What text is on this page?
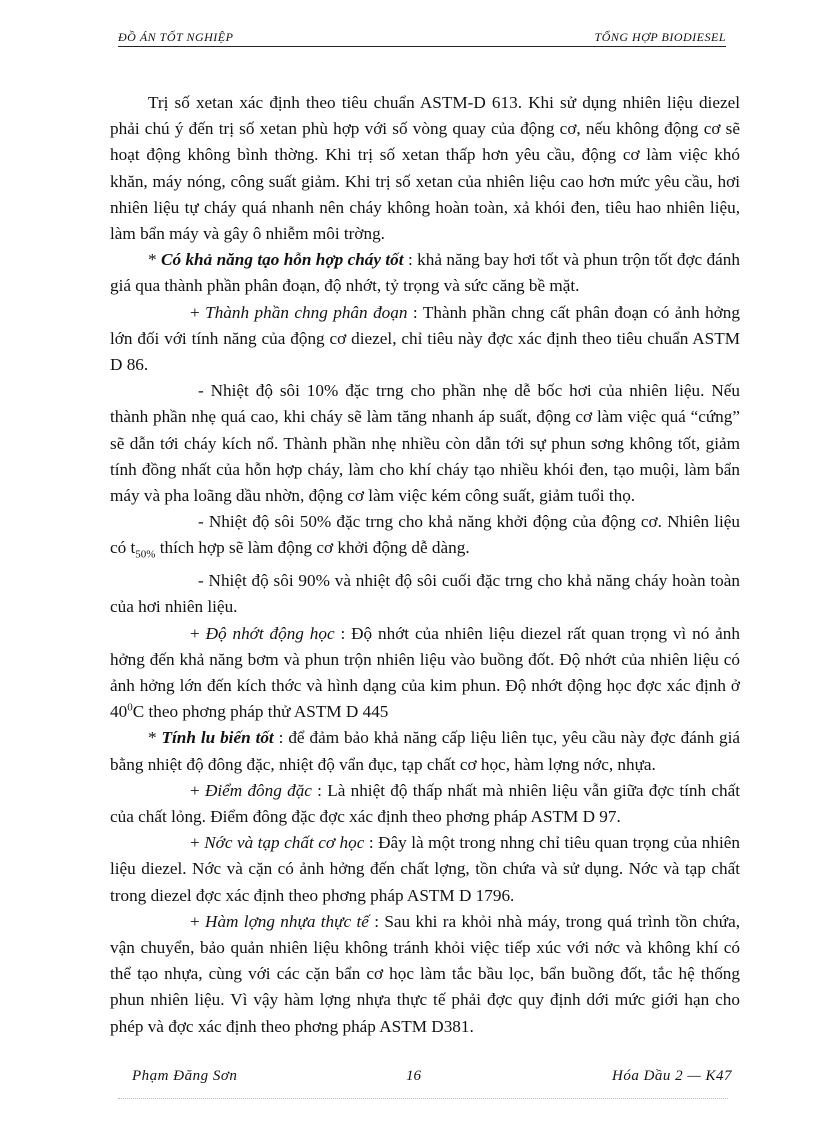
ĐỒ ÁN TỐT NGHIỆP	TỔNG HỢP BIODIESEL

Trị số xetan xác định theo tiêu chuẩn ASTM-D 613. Khi sử dụng nhiên liệu diezel phải chú ý đến trị số xetan phù hợp với số vòng quay của động cơ, nếu không động cơ sẽ hoạt động không bình thờng. Khi trị số xetan thấp hơn yêu cầu, động cơ làm việc khó khăn, máy nóng, công suất giảm. Khi trị số xetan của nhiên liệu cao hơn mức yêu cầu, hơi nhiên liệu tự cháy quá nhanh nên cháy không hoàn toàn, xả khói đen, tiêu hao nhiên liệu, làm bẩn máy và gây ô nhiễm môi trờng.

* Có khả năng tạo hỗn hợp cháy tốt : khả năng bay hơi tốt và phun trộn tốt đợc đánh giá qua thành phần phân đoạn, độ nhớt, tỷ trọng và sức căng bề mặt.

+ Thành phần chng phân đoạn : Thành phần chng cất phân đoạn có ảnh hởng lớn đối với tính năng của động cơ diezel, chỉ tiêu này đợc xác định theo tiêu chuẩn ASTM D 86.

- Nhiệt độ sôi 10% đặc trng cho phần nhẹ dễ bốc hơi của nhiên liệu. Nếu thành phần nhẹ quá cao, khi cháy sẽ làm tăng nhanh áp suất, động cơ làm việc quá “cứng” sẽ dẫn tới cháy kích nổ. Thành phần nhẹ nhiều còn dẫn tới sự phun sơng không tốt, giảm tính đồng nhất của hỗn hợp cháy, làm cho khí cháy tạo nhiều khói đen, tạo muội, làm bẩn máy và pha loãng dầu nhờn, động cơ làm việc kém công suất, giảm tuổi thọ.

- Nhiệt độ sôi 50% đặc trng cho khả năng khởi động của động cơ. Nhiên liệu có $t_{50\%}$ thích hợp sẽ làm động cơ khởi động dễ dàng.

- Nhiệt độ sôi 90% và nhiệt độ sôi cuối đặc trng cho khả năng cháy hoàn toàn của hơi nhiên liệu.

+ Độ nhớt động học : Độ nhớt của nhiên liệu diezel rất quan trọng vì nó ảnh hởng đến khả năng bơm và phun trộn nhiên liệu vào buồng đốt. Độ nhớt của nhiên liệu có ảnh hởng lớn đến kích thớc và hình dạng của kim phun. Độ nhớt động học đợc xác định ở $40^0C$ theo phơng pháp thử ASTM D 445

* Tính lu biến tốt : để đảm bảo khả năng cấp liệu liên tục, yêu cầu này đợc đánh giá bằng nhiệt độ đông đặc, nhiệt độ vẩn đục, tạp chất cơ học, hàm lợng nớc, nhựa.

+ Điểm đông đặc : Là nhiệt độ thấp nhất mà nhiên liệu vẫn giữa đợc tính chất của chất lỏng. Điểm đông đặc đợc xác định theo phơng pháp ASTM D 97.

+ Nớc và tạp chất cơ học : Đây là một trong nhng chỉ tiêu quan trọng của nhiên liệu diezel. Nớc và cặn có ảnh hởng đến chất lợng, tồn chứa và sử dụng. Nớc và tạp chất trong diezel đợc xác định theo phơng pháp ASTM D 1796.

+ Hàm lợng nhựa thực tế : Sau khi ra khỏi nhà máy, trong quá trình tồn chứa, vận chuyển, bảo quản nhiên liệu không tránh khỏi việc tiếp xúc với nớc và không khí có thể tạo nhựa, cùng với các cặn bẩn cơ học làm tắc bầu lọc, bẩn buồng đốt, tắc hệ thống phun nhiên liệu. Vì vậy hàm lợng nhựa thực tế phải đợc quy định dới mức giới hạn cho phép và đợc xác định theo phơng pháp ASTM D381.

Phạm Đăng Sơn	16	Hóa Dầu 2 — K47
